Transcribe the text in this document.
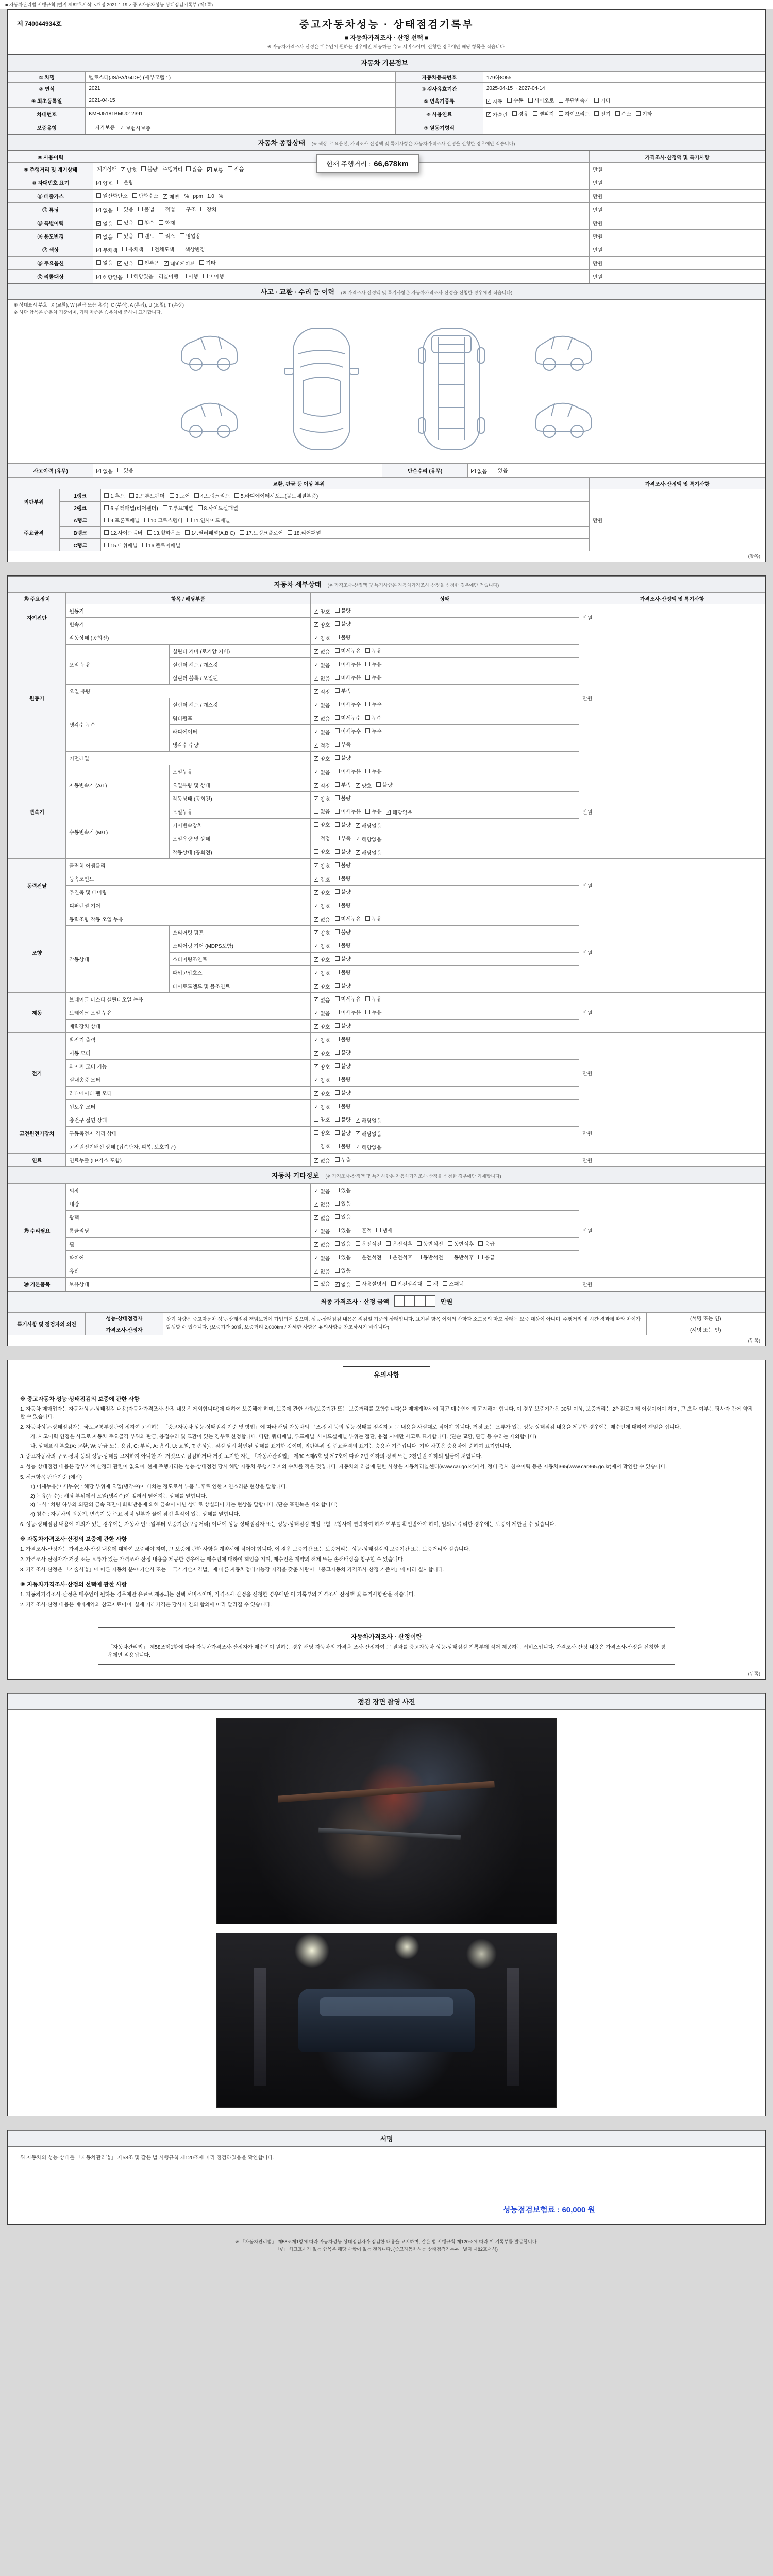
■ 자동차관리법 시행규칙 [별지 제82호서식] <개정 2021.1.19.> 중고자동차성능·상태점검기록부 (제1쪽)
제 740044934호	중고자동차성능 · 상태점검기록부
■ 자동차가격조사 · 산정 선택 ■
※ 자동차가격조사·산정은 매수인이 원하는 경우에만 제공하는 유료 서비스이며, 신청한 경우에만 해당 항목을 적습니다.
자동차 기본정보
① 차명	벨로스터(JS/PA/G4DE) (세부모델 : )	자동차등록번호	179하8055
② 연식	2021	③ 검사유효기간	2025-04-15 ~ 2027-04-14
④ 최초등록일	2021-04-15	⑤ 변속기종류	✓ 자동 수동 세미오토 무단변속기 기타

차대번호	KMHJ5181BMU012391	⑥ 사용연료	✓ 가솔린 경유 엘피지 하이브리드 전기 수소 기타

보증유형	자가보증 ✓ 보험사보증	⑦ 원동기형식	
자동차 종합상태 (※ 색상, 주요옵션, 가격조사·산정액 및 특기사항은 자동차가격조사·산정을 신청한 경우에만 적습니다)
⑧ 사용이력		가격조사·산정액 및 특기사항
⑨ 주행거리 및 계기상태	계기상태 ✓ 양호 불량 주행거리 많음 ✓ 보통 적음	만원
⑩ 차대번호 표기	✓ 양호 불량	만원
⑪ 배출가스	일산화탄소 탄화수소 ✓ 매연 % ppm 1.0 %	만원
⑫ 튜닝	✓ 없음 있음 불법 적법 구조 장치	만원
⑬ 특별이력	✓ 없음 있음 침수 화재	만원
⑭ 용도변경	✓ 없음 있음 렌트 리스 영업용	만원
⑮ 색상	✓ 무채색 유채색 전체도색 색상변경	만원
⑯ 주요옵션	없음 ✓ 있음 썬루프 ✓ 네비게이션 기타	만원
⑰ 리콜대상	✓ 해당없음 해당있음 리콜이행 이행 미이행	만원
현재 주행거리 : 66,678km
사고 · 교환 · 수리 등 이력 (※ 가격조사·산정액 및 특기사항은 자동차가격조사·산정을 신청한 경우에만 적습니다)
※ 상태표시 부호 : X (교환), W (판금 또는 용접), C (부식), A (흠집), U (요철), T (손상)
※ 하단 항목은 승용차 기준이며, 기타 차종은 승용차에 준하여 표기합니다.
사고이력 (유무)	✓ 없음 있음	단순수리 (유무)	✓ 없음 있음
교환, 판금 등 이상 부위			가격조사·산정액 및 특기사항
외판부위	1랭크	1.후드 2.프론트펜더 3.도어 4.트렁크리드 5.라디에이터서포트(볼트체결부품)	만원
	2랭크	6.쿼터패널(리어펜더) 7.루프패널 8.사이드실패널	

주요골격	A랭크	9.프론트패널 10.크로스멤버 11.인사이드패널	

	B랭크	12.사이드멤버 13.휠하우스 14.필러패널(A,B,C) 17.트렁크플로어 18.리어패널	

	C랭크	15.대쉬패널 16.플로어패널	
(앞쪽)
자동차 세부상태 (※ 가격조사·산정액 및 특기사항은 자동차가격조사·산정을 신청한 경우에만 적습니다)
⑱ 주요장치	항목 / 해당부품		상태	가격조사·산정액 및 특기사항
자기진단	원동기		✓ 양호 불량	만원
	변속기		✓ 양호 불량	

원동기	작동상태 (공회전)		✓ 양호 불량	만원
	오일 누유	실린더 커버 (로커암 커버)	✓ 없음 미세누유 누유	

		실린더 헤드 / 개스킷	✓ 없음 미세누유 누유	

		실린더 블록 / 오일팬	✓ 없음 미세누유 누유	

	오일 유량		✓ 적정 부족	

	냉각수 누수	실린더 헤드 / 개스킷	✓ 없음 미세누수 누수	

		워터펌프	✓ 없음 미세누수 누수	

		라디에이터	✓ 없음 미세누수 누수	

		냉각수 수량	✓ 적정 부족	

	커먼레일		✓ 양호 불량	

변속기	자동변속기 (A/T)	오일누유	✓ 없음 미세누유 누유	만원
오일유량 및 상태	✓ 적정 부족 ✓ 양호 불량

		작동상태 (공회전)	✓ 양호 불량	

	수동변속기 (M/T)	오일누유	없음 미세누유 누유 ✓ 해당없음	

		기어변속장치	양호 불량 ✓ 해당없음	

		오일유량 및 상태	적정 부족 ✓ 해당없음	

		작동상태 (공회전)	양호 불량 ✓ 해당없음	

동력전달	클러치 어셈블리		✓ 양호 불량	만원
	등속조인트		✓ 양호 불량	

	추진축 및 베어링		✓ 양호 불량	

	디퍼렌셜 기어		✓ 양호 불량	

조향	동력조향 작동 오일 누유		✓ 없음 미세누유 누유	만원
	작동상태	스티어링 펌프	✓ 양호 불량	

		스티어링 기어 (MDPS포함)	✓ 양호 불량	

		스티어링조인트	✓ 양호 불량	

		파워고압호스	✓ 양호 불량	

		타이로드엔드 및 볼조인트	✓ 양호 불량	

제동	브레이크 마스터 실린더오일 누유		✓ 없음 미세누유 누유	만원
	브레이크 오일 누유		✓ 없음 미세누유 누유	

	배력장치 상태		✓ 양호 불량	

전기	발전기 출력		✓ 양호 불량	만원
	시동 모터		✓ 양호 불량	

	와이퍼 모터 기능		✓ 양호 불량	

	실내송풍 모터		✓ 양호 불량	

	라디에이터 팬 모터		✓ 양호 불량	

	윈도우 모터		✓ 양호 불량	

고전원전기장치	충전구 절연 상태		양호 불량 ✓ 해당없음	만원
	구동축전지 격리 상태		양호 불량 ✓ 해당없음	

	고전원전기배선 상태 (접속단자, 피복, 보호기구)		양호 불량 ✓ 해당없음	

연료	연료누출 (LP가스 포함)		✓ 없음 누출	만원
자동차 기타정보 (※ 가격조사·산정액 및 특기사항은 자동차가격조사·산정을 신청한 경우에만 기재합니다)
⑲ 수리필요	외장	✓ 없음 있음	만원
	내장	✓ 없음 있음	

	광택	✓ 없음 있음	

	룸클리닝	✓ 없음 있음 흔적 냄새	

휠	✓ 없음 있음 운전석전 운전석후 동반석전 동반석후 응급

타이어	✓ 없음 있음 운전석전 운전석후 동반석전 동반석후 응급

	유리	✓ 없음 있음	

⑳ 기본품목	보유상태	있음 ✓ 없음 사용설명서 안전삼각대 잭 스패너	만원
최종 가격조사 · 산정 금액	만원
특기사항 및 점검자의 의견	성능·상태점검자	상기 차량은 중고자동차 성능·상태점검 책임보험에 가입되어 있으며, 성능·상태점검 내용은 점검일 기준의 상태입니다. 표기된 항목 이외의 사항과 소모품의 마모 상태는 보증 대상이 아니며, 주행거리 및 시간 경과에 따라 차이가 발생할 수 있습니다. (보증기간 30일, 보증거리 2,000km / 자세한 사항은 유의사항을 참조하시기 바랍니다)	(서명 또는 인)
	가격조사·산정자		(서명 또는 인)
(뒤쪽)
유의사항
※ 중고자동차 성능·상태점검의 보증에 관한 사항
1. 자동차 매매업자는 자동차성능·상태점검 내용(자동차가격조사·산정 내용은 제외합니다)에 대하여 보증해야 하며, 보증에 관한 사항(보증기간 또는 보증거리를 포함합니다)을 매매계약서에 적고 매수인에게 고지해야 합니다. 이 경우 보증기간은 30일 이상, 보증거리는 2천킬로미터 이상이어야 하며, 그 초과 여부는 당사자 간에 약정할 수 있습니다.
2. 자동차성능·상태점검자는 국토교통부장관이 정하여 고시하는 「중고자동차 성능·상태점검 기준 및 방법」에 따라 해당 자동차의 구조·장치 등의 성능·상태를 점검하고 그 내용을 사실대로 적어야 합니다. 거짓 또는 오류가 있는 성능·상태점검 내용을 제공한 경우에는 매수인에 대하여 책임을 집니다.
가. 사고이력 인정은 사고로 자동차 주요골격 부위의 판금, 용접수리 및 교환이 있는 경우로 한정합니다. 다만, 쿼터패널, 루프패널, 사이드실패널 부위는 절단, 용접 시에만 사고로 표기합니다. (단순 교환, 판금 등 수리는 제외합니다)
나. 상태표시 부호(X: 교환, W: 판금 또는 용접, C: 부식, A: 흠집, U: 요철, T: 손상)는 점검 당시 확인된 상태를 표기한 것이며, 외판부위 및 주요골격의 표기는 승용차 기준입니다. 기타 차종은 승용차에 준하여 표기합니다.
3. 중고자동차의 구조·장치 등의 성능·상태를 고지하지 아니한 자, 거짓으로 점검하거나 거짓 고지한 자는 「자동차관리법」 제80조제6호 및 제7호에 따라 2년 이하의 징역 또는 2천만원 이하의 벌금에 처합니다.
4. 성능·상태점검 내용은 장부가액 산정과 관련이 없으며, 현재 주행거리는 성능·상태점검 당시 해당 자동차 주행거리계의 수치를 적은 것입니다. 자동차의 리콜에 관한 사항은 자동차리콜센터(www.car.go.kr)에서, 정비·검사·침수이력 등은 자동차365(www.car365.go.kr)에서 확인할 수 있습니다.
5. 체크항목 판단기준 (예시)
1) 미세누유(미세누수) : 해당 부위에 오일(냉각수)이 비치는 정도로서 부품 노후로 인한 자연스러운 현상을 말합니다.
2) 누유(누수) : 해당 부위에서 오일(냉각수)이 맺혀서 떨어지는 상태를 말합니다.
3) 부식 : 차량 하부와 외판의 금속 표면이 화학반응에 의해 금속이 아닌 상태로 상실되어 가는 현상을 말합니다. (단순 표면녹은 제외합니다)
4) 침수 : 자동차의 원동기, 변속기 등 주요 장치 일부가 물에 잠긴 흔적이 있는 상태를 말합니다.
6. 성능·상태점검 내용에 이의가 있는 경우에는 자동차 인도일부터 보증기간(보증거리) 이내에 성능·상태점검자 또는 성능·상태점검 책임보험 보험사에 연락하여 하자 여부를 확인받아야 하며, 임의로 수리한 경우에는 보증이 제한될 수 있습니다.
※ 자동차가격조사·산정의 보증에 관한 사항
1. 가격조사·산정자는 가격조사·산정 내용에 대하여 보증해야 하며, 그 보증에 관한 사항을 계약서에 적어야 합니다. 이 경우 보증기간 또는 보증거리는 성능·상태점검의 보증기간 또는 보증거리와 같습니다.
2. 가격조사·산정자가 거짓 또는 오류가 있는 가격조사·산정 내용을 제공한 경우에는 매수인에 대하여 책임을 지며, 매수인은 계약의 해제 또는 손해배상을 청구할 수 있습니다.
3. 가격조사·산정은 「기술사법」에 따른 자동차 분야 기술사 또는 「국가기술자격법」에 따른 자동차정비기능장 자격을 갖춘 사람이 「중고자동차 가격조사·산정 기준서」에 따라 실시합니다.
※ 자동차가격조사·산정의 선택에 관한 사항
1. 자동차가격조사·산정은 매수인이 원하는 경우에만 유료로 제공되는 선택 서비스이며, 가격조사·산정을 신청한 경우에만 이 기록부의 가격조사·산정액 및 특기사항란을 적습니다.
2. 가격조사·산정 내용은 매매계약의 참고자료이며, 실제 거래가격은 당사자 간의 합의에 따라 달라질 수 있습니다.
자동차가격조사 · 산정이란
「자동차관리법」 제58조제1항에 따라 자동차가격조사·산정자가 매수인이 원하는 경우 해당 자동차의 가격을 조사·산정하여 그 결과를 중고자동차 성능·상태점검 기록부에 적어 제공하는 서비스입니다. 가격조사·산정 내용은 가격조사·산정을 신청한 경우에만 적용됩니다.
(뒤쪽)
점검 장면 촬영 사진
서명
위 자동차의 성능·상태를 「자동차관리법」 제58조 및 같은 법 시행규칙 제120조에 따라 점검하였음을 확인합니다.
성능점검보험료 : 60,000 원
※ 「자동차관리법」 제58조제1항에 따라 자동차성능·상태점검자가 점검한 내용을 고지하며, 같은 법 시행규칙 제120조에 따라 이 기록부를 발급합니다.
「V」 체크표시가 없는 항목은 해당 사항이 없는 것입니다. (중고자동차성능·상태점검기록부 : 별지 제82호서식)
